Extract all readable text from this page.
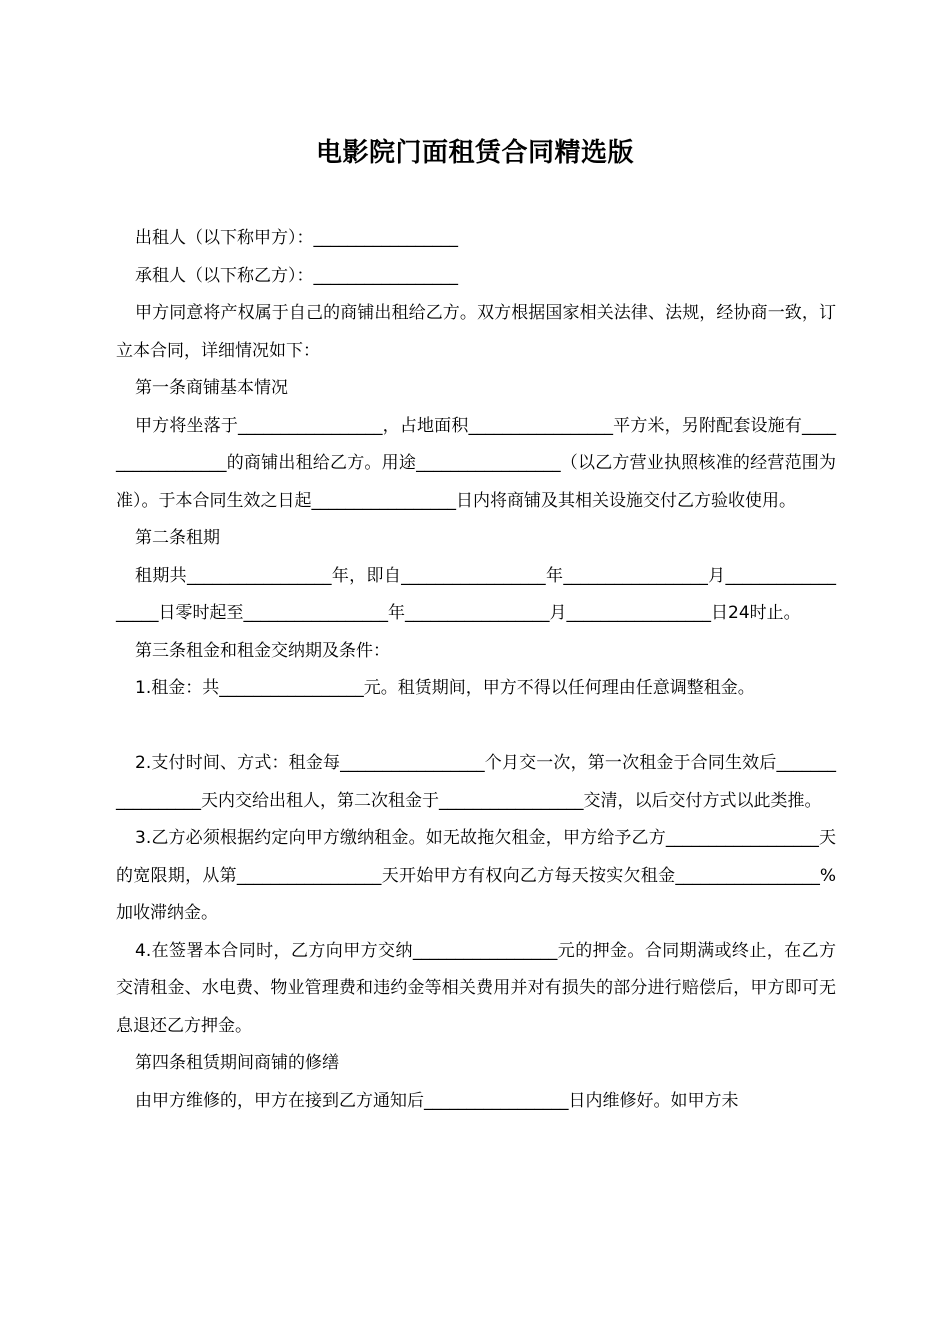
电影院门面租赁合同精选版

出租人（以下称甲方）：_________________

承租人（以下称乙方）：_________________

甲方同意将产权属于自己的商铺出租给乙方。双方根据国家相关法律、法规，经协商一致，订立本合同，详细情况如下：

第一条商铺基本情况

甲方将坐落于_________________，占地面积_________________平方米，另附配套设施有_________________的商铺出租给乙方。用途_________________（以乙方营业执照核准的经营范围为准）。于本合同生效之日起_________________日内将商铺及其相关设施交付乙方验收使用。

第二条租期

租期共_________________年，即自_________________年_________________月__________________日零时起至_________________年_________________月_________________日24时止。

第三条租金和租金交纳期及条件：

1.租金：共_________________元。租赁期间，甲方不得以任何理由任意调整租金。

2.支付时间、方式：租金每_________________个月交一次，第一次租金于合同生效后_________________天内交给出租人，第二次租金于_________________交清，以后交付方式以此类推。

3.乙方必须根据约定向甲方缴纳租金。如无故拖欠租金，甲方给予乙方__________________天的宽限期，从第_________________天开始甲方有权向乙方每天按实欠租金_________________%加收滞纳金。

4.在签署本合同时，乙方向甲方交纳_________________元的押金。合同期满或终止，在乙方交清租金、水电费、物业管理费和违约金等相关费用并对有损失的部分进行赔偿后，甲方即可无息退还乙方押金。

第四条租赁期间商铺的修缮

由甲方维修的，甲方在接到乙方通知后_________________日内维修好。如甲方未
